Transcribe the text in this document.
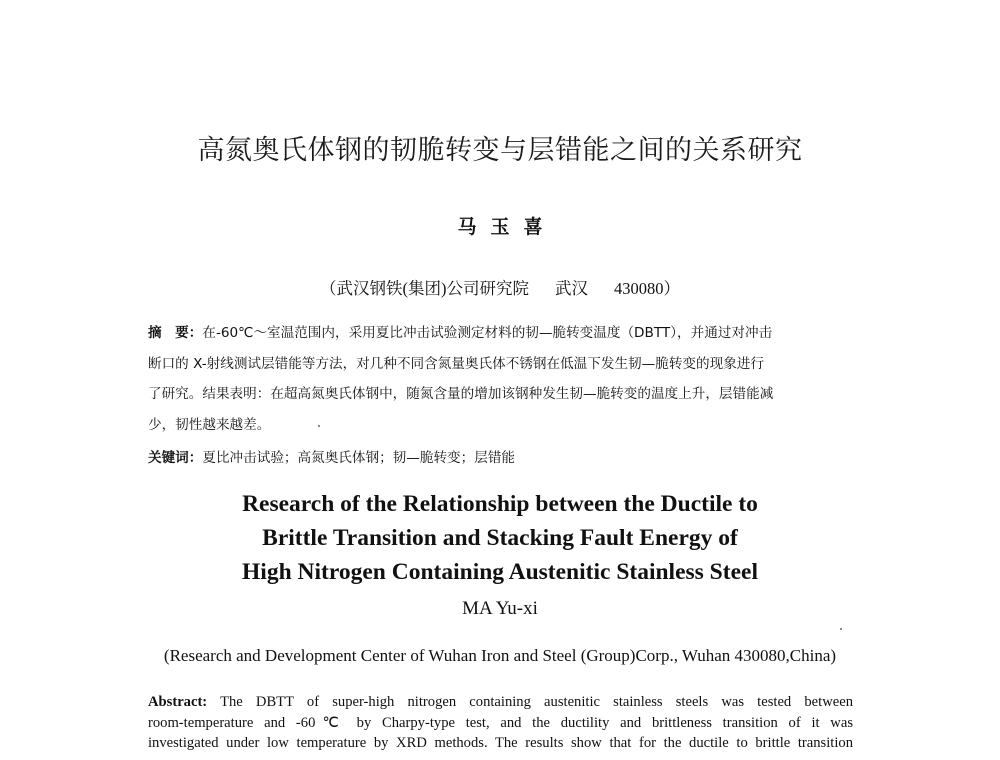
高氮奥氏体钢的韧脆转变与层错能之间的关系研究
马玉喜
（武汉钢铁(集团)公司研究院 武汉 430080）
摘　要：在-60℃～室温范围内，采用夏比冲击试验测定材料的韧—脆转变温度（DBTT），并通过对冲击
断口的 X-射线测试层错能等方法，对几种不同含氮量奥氏体不锈钢在低温下发生韧—脆转变的现象进行
了研究。结果表明：在超高氮奥氏体钢中，随氮含量的增加该钢种发生韧—脆转变的温度上升，层错能减
少，韧性越来越差。
关键词：夏比冲击试验；高氮奥氏体钢；韧—脆转变；层错能
Research of the Relationship between the Ductile to
Brittle Transition and Stacking Fault Energy of
High Nitrogen Containing Austenitic Stainless Steel
MA Yu-xi
(Research and Development Center of Wuhan Iron and Steel (Group)Corp., Wuhan 430080,China)
Abstract: The DBTT of super-high nitrogen containing austenitic stainless steels was tested between
room-temperature and -60℃ by Charpy-type test, and the ductility and brittleness transition of it was
investigated under low temperature by XRD methods. The results show that for the ductile to brittle transition
